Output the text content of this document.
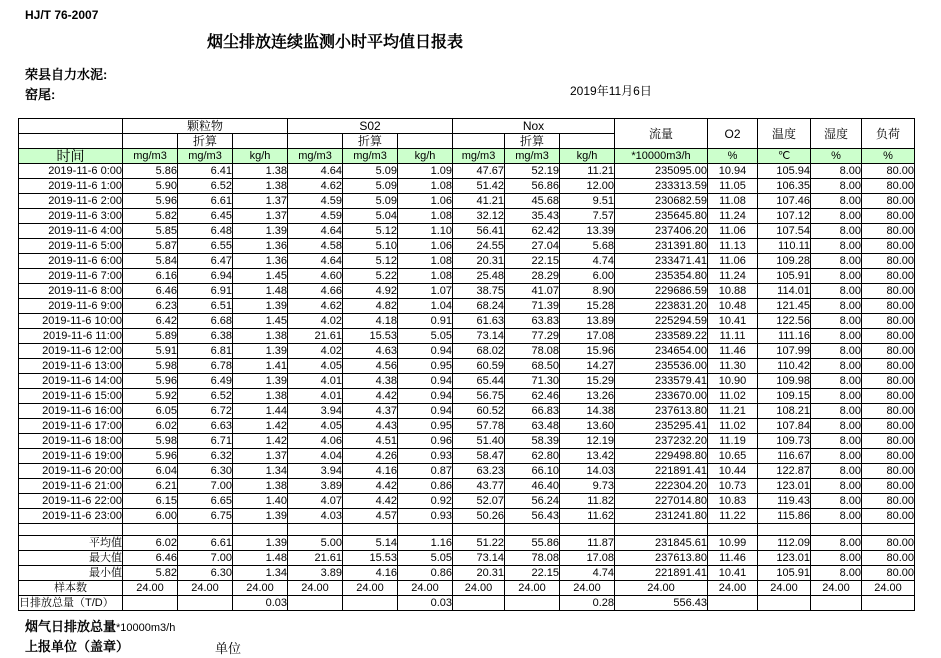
HJ/T 76-2007
烟尘排放连续监测小时平均值日报表
荣县自力水泥:
窑尾:	2019年11月6日
	颗粒物			S02			Nox			流量	O2	温度	湿度	负荷
		折算			折算			折算						
时间	mg/m3	mg/m3	kg/h	mg/m3	mg/m3	kg/h	mg/m3	mg/m3	kg/h	*10000m3/h	%	℃	%	%
2019-11-6 0:00	5.86	6.41	1.38	4.64	5.09	1.09	47.67	52.19	11.21	235095.00	10.94	105.94	8.00	80.00
2019-11-6 1:00	5.90	6.52	1.38	4.62	5.09	1.08	51.42	56.86	12.00	233313.59	11.05	106.35	8.00	80.00
2019-11-6 2:00	5.96	6.61	1.37	4.59	5.09	1.06	41.21	45.68	9.51	230682.59	11.08	107.46	8.00	80.00
2019-11-6 3:00	5.82	6.45	1.37	4.59	5.04	1.08	32.12	35.43	7.57	235645.80	11.24	107.12	8.00	80.00
2019-11-6 4:00	5.85	6.48	1.39	4.64	5.12	1.10	56.41	62.42	13.39	237406.20	11.06	107.54	8.00	80.00
2019-11-6 5:00	5.87	6.55	1.36	4.58	5.10	1.06	24.55	27.04	5.68	231391.80	11.13	110.11	8.00	80.00
2019-11-6 6:00	5.84	6.47	1.36	4.64	5.12	1.08	20.31	22.15	4.74	233471.41	11.06	109.28	8.00	80.00
2019-11-6 7:00	6.16	6.94	1.45	4.60	5.22	1.08	25.48	28.29	6.00	235354.80	11.24	105.91	8.00	80.00
2019-11-6 8:00	6.46	6.91	1.48	4.66	4.92	1.07	38.75	41.07	8.90	229686.59	10.88	114.01	8.00	80.00
2019-11-6 9:00	6.23	6.51	1.39	4.62	4.82	1.04	68.24	71.39	15.28	223831.20	10.48	121.45	8.00	80.00
2019-11-6 10:00	6.42	6.68	1.45	4.02	4.18	0.91	61.63	63.83	13.89	225294.59	10.41	122.56	8.00	80.00
2019-11-6 11:00	5.89	6.38	1.38	21.61	15.53	5.05	73.14	77.29	17.08	233589.22	11.11	111.16	8.00	80.00
2019-11-6 12:00	5.91	6.81	1.39	4.02	4.63	0.94	68.02	78.08	15.96	234654.00	11.46	107.99	8.00	80.00
2019-11-6 13:00	5.98	6.78	1.41	4.05	4.56	0.95	60.59	68.50	14.27	235536.00	11.30	110.42	8.00	80.00
2019-11-6 14:00	5.96	6.49	1.39	4.01	4.38	0.94	65.44	71.30	15.29	233579.41	10.90	109.98	8.00	80.00
2019-11-6 15:00	5.92	6.52	1.38	4.01	4.42	0.94	56.75	62.46	13.26	233670.00	11.02	109.15	8.00	80.00
2019-11-6 16:00	6.05	6.72	1.44	3.94	4.37	0.94	60.52	66.83	14.38	237613.80	11.21	108.21	8.00	80.00
2019-11-6 17:00	6.02	6.63	1.42	4.05	4.43	0.95	57.78	63.48	13.60	235295.41	11.02	107.84	8.00	80.00
2019-11-6 18:00	5.98	6.71	1.42	4.06	4.51	0.96	51.40	58.39	12.19	237232.20	11.19	109.73	8.00	80.00
2019-11-6 19:00	5.96	6.32	1.37	4.04	4.26	0.93	58.47	62.80	13.42	229498.80	10.65	116.67	8.00	80.00
2019-11-6 20:00	6.04	6.30	1.34	3.94	4.16	0.87	63.23	66.10	14.03	221891.41	10.44	122.87	8.00	80.00
2019-11-6 21:00	6.21	7.00	1.38	3.89	4.42	0.86	43.77	46.40	9.73	222304.20	10.73	123.01	8.00	80.00
2019-11-6 22:00	6.15	6.65	1.40	4.07	4.42	0.92	52.07	56.24	11.82	227014.80	10.83	119.43	8.00	80.00
2019-11-6 23:00	6.00	6.75	1.39	4.03	4.57	0.93	50.26	56.43	11.62	231241.80	11.22	115.86	8.00	80.00

平均值	6.02	6.61	1.39	5.00	5.14	1.16	51.22	55.86	11.87	231845.61	10.99	112.09	8.00	80.00
最大值	6.46	7.00	1.48	21.61	15.53	5.05	73.14	78.08	17.08	237613.80	11.46	123.01	8.00	80.00
最小值	5.82	6.30	1.34	3.89	4.16	0.86	20.31	22.15	4.74	221891.41	10.41	105.91	8.00	80.00
样本数	24.00	24.00	24.00	24.00	24.00	24.00	24.00	24.00	24.00	24.00	24.00	24.00	24.00	24.00
日排放总量（T/D）			0.03			0.03			0.28	556.43				
烟气日排放总量*10000m3/h
上报单位（盖章）	单位
